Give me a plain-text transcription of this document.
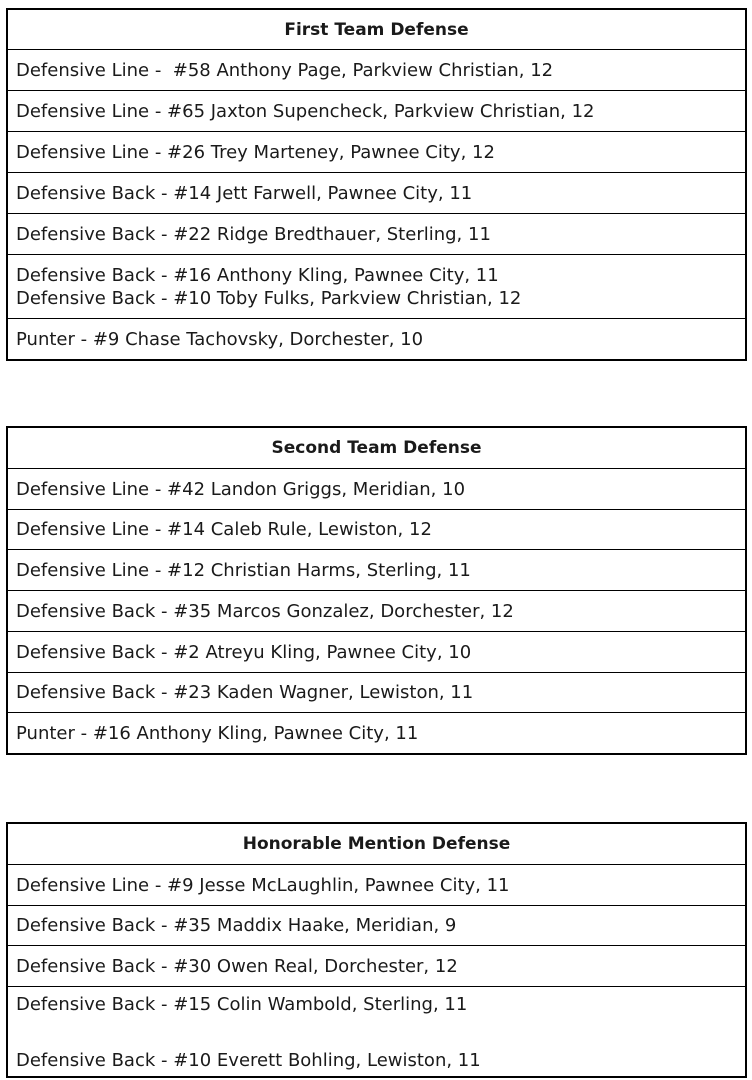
First Team Defense
Defensive Line -  #58 Anthony Page, Parkview Christian, 12
Defensive Line - #65 Jaxton Supencheck, Parkview Christian, 12
Defensive Line - #26 Trey Marteney, Pawnee City, 12
Defensive Back - #14 Jett Farwell, Pawnee City, 11
Defensive Back - #22 Ridge Bredthauer, Sterling, 11
Defensive Back - #16 Anthony Kling, Pawnee City, 11
Defensive Back - #10 Toby Fulks, Parkview Christian, 12
Punter - #9 Chase Tachovsky, Dorchester, 10
Second Team Defense
Defensive Line - #42 Landon Griggs, Meridian, 10
Defensive Line - #14 Caleb Rule, Lewiston, 12
Defensive Line - #12 Christian Harms, Sterling, 11
Defensive Back - #35 Marcos Gonzalez, Dorchester, 12
Defensive Back - #2 Atreyu Kling, Pawnee City, 10
Defensive Back - #23 Kaden Wagner, Lewiston, 11
Punter - #16 Anthony Kling, Pawnee City, 11
Honorable Mention Defense
Defensive Line - #9 Jesse McLaughlin, Pawnee City, 11
Defensive Back - #35 Maddix Haake, Meridian, 9
Defensive Back - #30 Owen Real, Dorchester, 12
Defensive Back - #15 Colin Wambold, Sterling, 11
Defensive Back - #10 Everett Bohling, Lewiston, 11
